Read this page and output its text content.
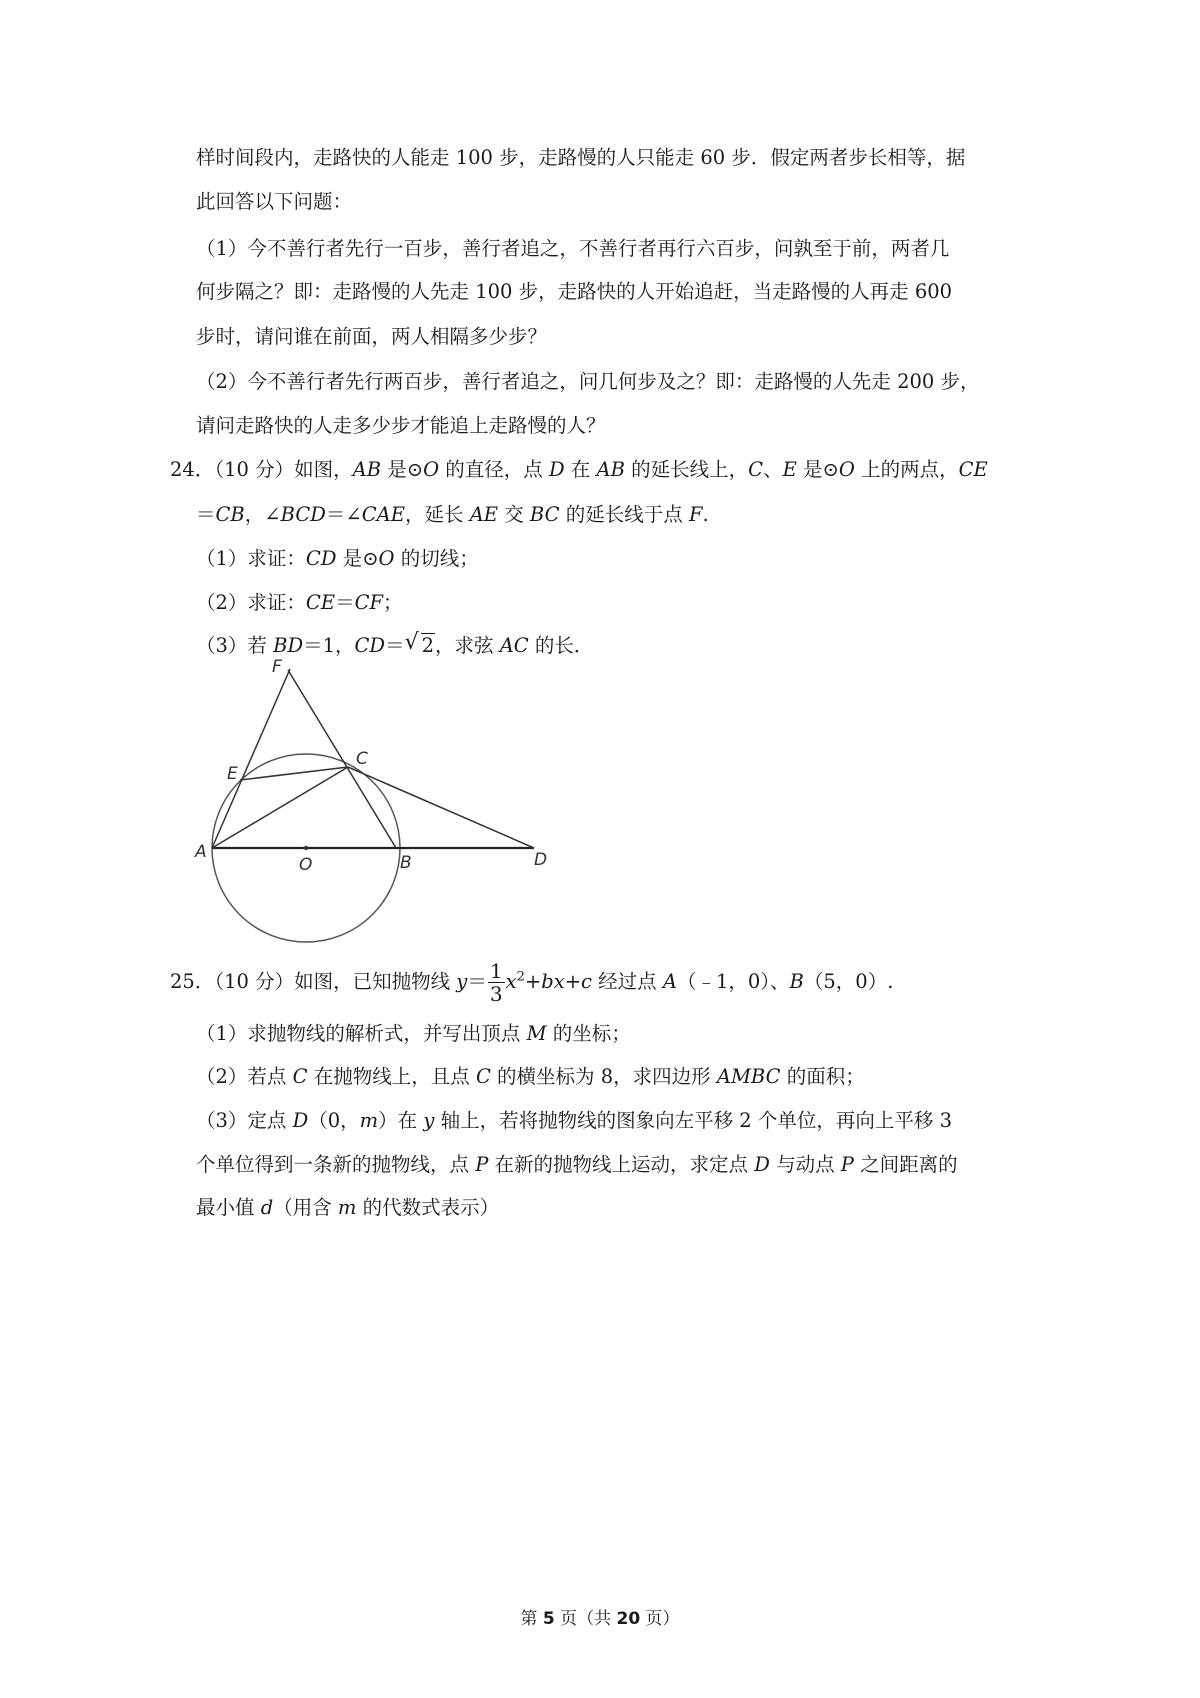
样时间段内，走路快的人能走 100 步，走路慢的人只能走 60 步．假定两者步长相等，据
此回答以下问题：
（1）今不善行者先行一百步，善行者追之，不善行者再行六百步，问孰至于前，两者几
何步隔之？即：走路慢的人先走 100 步，走路快的人开始追赶，当走路慢的人再走 600
步时，请问谁在前面，两人相隔多少步？
（2）今不善行者先行两百步，善行者追之，问几何步及之？即：走路慢的人先走 200 步，
请问走路快的人走多少步才能追上走路慢的人？
24．（10 分）如图，AB 是⊙O 的直径，点 D 在 AB 的延长线上，C、E 是⊙O 上的两点，CE
＝CB，∠BCD＝∠CAE，延长 AE 交 BC 的延长线于点 F.
（1）求证：CD 是⊙O 的切线；
（2）求证：CE＝CF；
（3）若 BD＝1，CD＝ √ 2，求弦 AC 的长．
A
O	B	D
C
E
F
25．（10 分）如图，已知抛物线 $y= \frac{1}{3} x^2+bx+c$ 经过点 A（﹣1，0）、B（5，0）.
（1）求抛物线的解析式，并写出顶点 M 的坐标；
（2）若点 C 在抛物线上，且点 C 的横坐标为 8，求四边形 AMBC 的面积；
（3）定点 D（0，m）在 y 轴上，若将抛物线的图象向左平移 2 个单位，再向上平移 3
个单位得到一条新的抛物线，点 P 在新的抛物线上运动，求定点 D 与动点 P 之间距离的
最小值 d（用含 m 的代数式表示）
第 5 页（共 20 页）
